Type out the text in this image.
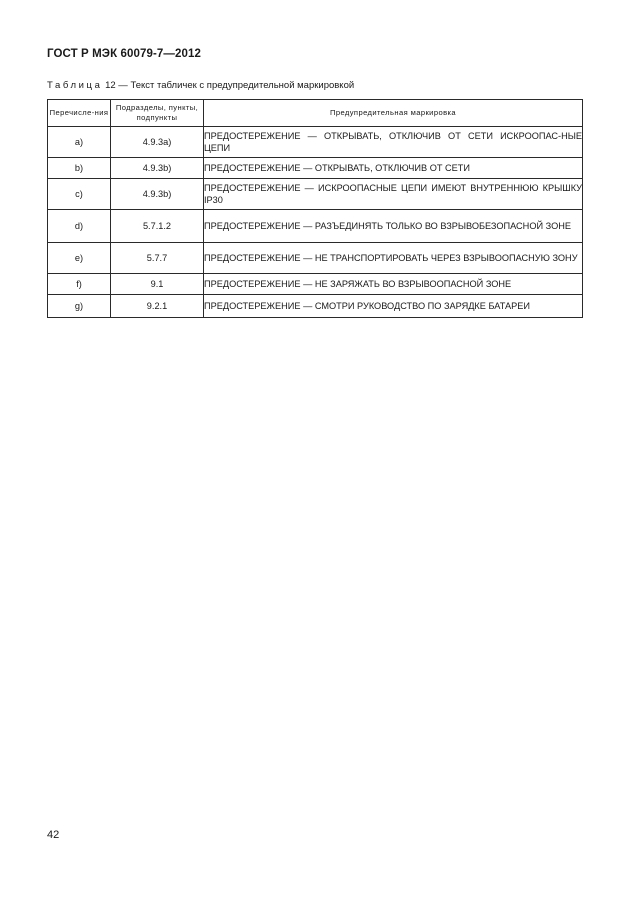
ГОСТ Р МЭК 60079-7—2012
Таблица 12 — Текст табличек с предупредительной маркировкой
Перечисле-ния	Подразделы, пункты, подпункты	Предупредительная маркировка
a)	4.9.3a)	ПРЕДОСТЕРЕЖЕНИЕ — ОТКРЫВАТЬ, ОТКЛЮЧИВ ОТ СЕТИ ИСКРООПАС-НЫЕ ЦЕПИ
b)	4.9.3b)	ПРЕДОСТЕРЕЖЕНИЕ — ОТКРЫВАТЬ, ОТКЛЮЧИВ ОТ СЕТИ
c)	4.9.3b)	ПРЕДОСТЕРЕЖЕНИЕ — ИСКРООПАСНЫЕ ЦЕПИ ИМЕЮТ ВНУТРЕННЮЮ КРЫШКУ IP30
d)	5.7.1.2	ПРЕДОСТЕРЕЖЕНИЕ — РАЗЪЕДИНЯТЬ ТОЛЬКО ВО ВЗРЫВОБЕЗОПАСНОЙ ЗОНЕ
e)	5.7.7	ПРЕДОСТЕРЕЖЕНИЕ — НЕ ТРАНСПОРТИРОВАТЬ ЧЕРЕЗ ВЗРЫВООПАСНУЮ ЗОНУ
f)	9.1	ПРЕДОСТЕРЕЖЕНИЕ — НЕ ЗАРЯЖАТЬ ВО ВЗРЫВООПАСНОЙ ЗОНЕ
g)	9.2.1	ПРЕДОСТЕРЕЖЕНИЕ — СМОТРИ РУКОВОДСТВО ПО ЗАРЯДКЕ БАТАРЕИ
42
